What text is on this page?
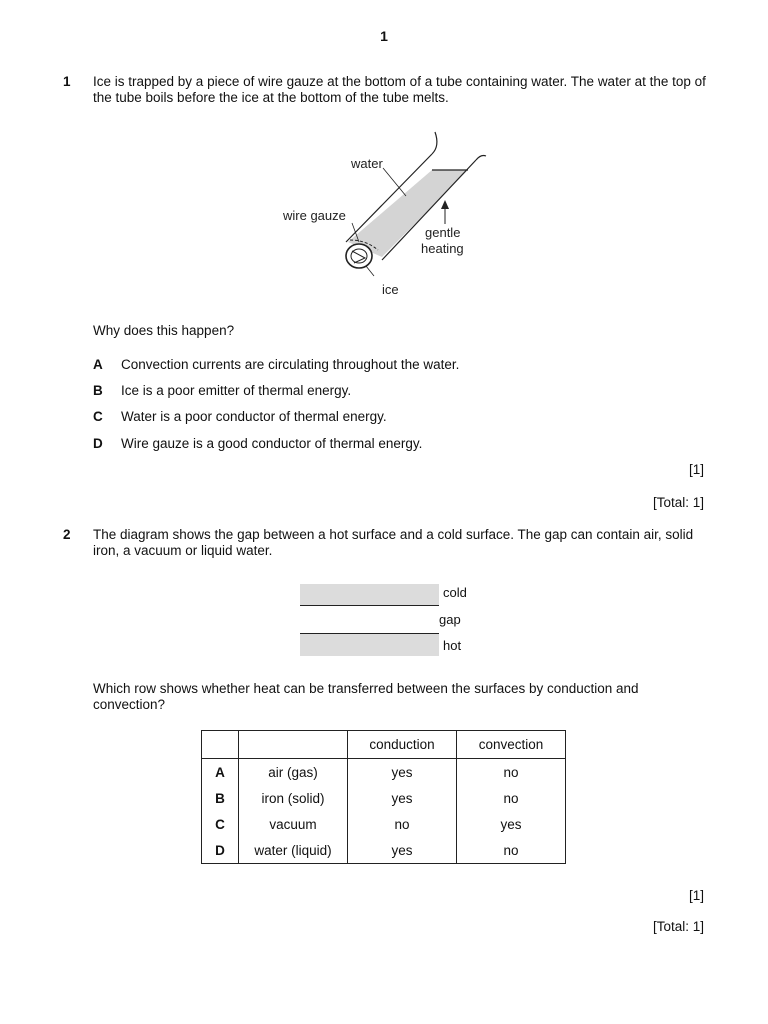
1
1 Ice is trapped by a piece of wire gauze at the bottom of a tube containing water. The water at the top of the tube boils before the ice at the bottom of the tube melts.
water
wire gauze
gentle
heating
ice
Why does this happen?
A Convection currents are circulating throughout the water.
B Ice is a poor emitter of thermal energy.
C Water is a poor conductor of thermal energy.
D Wire gauze is a good conductor of thermal energy.
[1]
[Total: 1]
2 The diagram shows the gap between a hot surface and a cold surface. The gap can contain air, solid iron, a vacuum or liquid water.
cold
gap
hot
Which row shows whether heat can be transferred between the surfaces by conduction and convection?
		conduction	convection
A	air (gas)	yes	no
B	iron (solid)	yes	no
C	vacuum	no	yes
D	water (liquid)	yes	no
[1]
[Total: 1]
